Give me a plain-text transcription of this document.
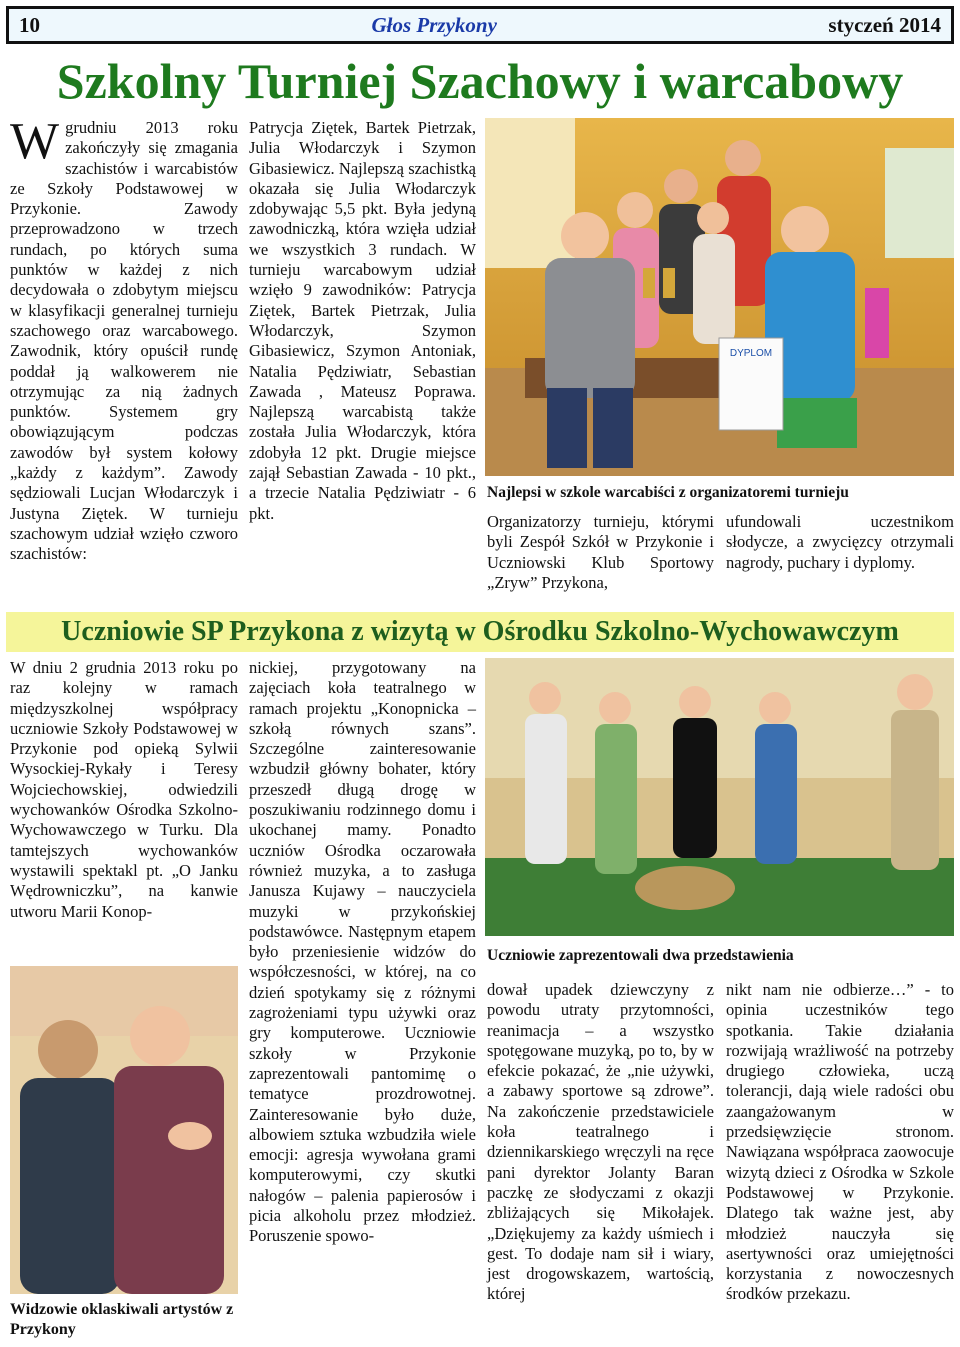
10	Głos Przykony	styczeń 2014
Szkolny Turniej Szachowy i warcabowy
Wgrudniu 2013 roku zakończyły się zmagania szachistów i warcabistów ze Szkoły Podstawowej w Przykonie. Zawody przeprowadzono w trzech rundach, po których suma punktów w każdej z nich decydowała o zdobytym miejscu w klasyfikacji generalnej turnieju szachowego oraz warcabowego. Zawodnik, który opuścił rundę poddał ją walkowerem nie otrzymując za nią żadnych punktów. Systemem gry obowiązującym podczas zawodów był system kołowy „każdy z każdym”. Zawody sędziowali Lucjan Włodarczyk i Justyna Ziętek. W turnieju szachowym udział wzięło czworo szachistów:
Patrycja Ziętek, Bartek Pietrzak, Julia Włodarczyk i Szymon Gibasiewicz. Najlepszą szachistką okazała się Julia Włodarczyk zdobywając 5,5 pkt. Była jedyną zawodniczką, która wzięła udział we wszystkich 3 rundach. W turnieju warcabowym udział wzięło 9 zawodników: Patrycja Ziętek, Bartek Pietrzak, Julia Włodarczyk, Szymon Gibasiewicz, Szymon Antoniak, Natalia Pędziwiatr, Sebastian Zawada , Mateusz Poprawa. Najlepszą warcabistą także została Julia Włodarczyk, która zdobyła 12 pkt. Drugie miejsce zajął Sebastian Zawada - 10 pkt., a trzecie Natalia Pędziwiatr - 6 pkt.
DYPLOM
Najlepsi w szkole warcabiści z organizatoremi turnieju
Organizatorzy turnieju, którymi byli Zespół Szkół w Przykonie i Uczniowski Klub Sportowy „Zryw” Przykona,
ufundowali uczestnikom słodycze, a zwycięzcy otrzymali nagrody, puchary i dyplomy.
Uczniowie SP Przykona z wizytą w Ośrodku Szkolno-Wychowawczym
W dniu 2 grudnia 2013 roku po raz kolejny w ramach międzyszkolnej współpracy uczniowie Szkoły Podstawowej w Przykonie pod opieką Sylwii Wysockiej-Rykały i Teresy Wojciechowskiej, odwiedzili wychowanków Ośrodka Szkolno-Wychowawczego w Turku. Dla tamtejszych wychowanków wystawili spektakl pt. „O Janku Wędrowniczku”, na kanwie utworu Marii Konop-
Widzowie oklaskiwali artystów z Przykony
nickiej, przygotowany na zajęciach koła teatralnego w ramach projektu „Konopnicka – szkołą równych szans”. Szczególne zainteresowanie wzbudził główny bohater, który przeszedł długą drogę w poszukiwaniu rodzinnego domu i ukochanej mamy. Ponadto uczniów Ośrodka oczarowała również muzyka, a to zasługa Janusza Kujawy – nauczyciela muzyki w przykońskiej podstawówce. Następnym etapem było przeniesienie widzów do współczesności, w której, na co dzień spotykamy się z różnymi zagrożeniami typu używki oraz gry komputerowe. Uczniowie szkoły w Przykonie zaprezentowali pantomimę o tematyce prozdrowotnej. Zainteresowanie było duże, albowiem sztuka wzbudziła wiele emocji: agresja wywołana grami komputerowymi, czy skutki nałogów – palenia papierosów i picia alkoholu przez młodzież. Poruszenie spowo-
Uczniowie zaprezentowali dwa przedstawienia
dował upadek dziewczyny z powodu utraty przytomności, reanimacja – a wszystko spotęgowane muzyką, po to, by w efekcie pokazać, że „nie używki, a zabawy sportowe są zdrowe”. Na zakończenie przedstawiciele koła teatralnego i dziennikarskiego wręczyli na ręce pani dyrektor Jolanty Baran paczkę ze słodyczami z okazji zbliżających się Mikołajek. „Dziękujemy za każdy uśmiech i gest. To dodaje nam sił i wiary, jest drogowskazem, wartością, której
nikt nam nie odbierze…” - to opinia uczestników tego spotkania. Takie działania rozwijają wrażliwość na potrzeby drugiego człowieka, uczą tolerancji, dają wiele radości obu zaangażowanym w przedsięwzięcie stronom. Nawiązana współpraca zaowocuje wizytą dzieci z Ośrodka w Szkole Podstawowej w Przykonie. Dlatego tak ważne jest, aby młodzież nauczyła się asertywności oraz umiejętności korzystania z nowoczesnych środków przekazu.
